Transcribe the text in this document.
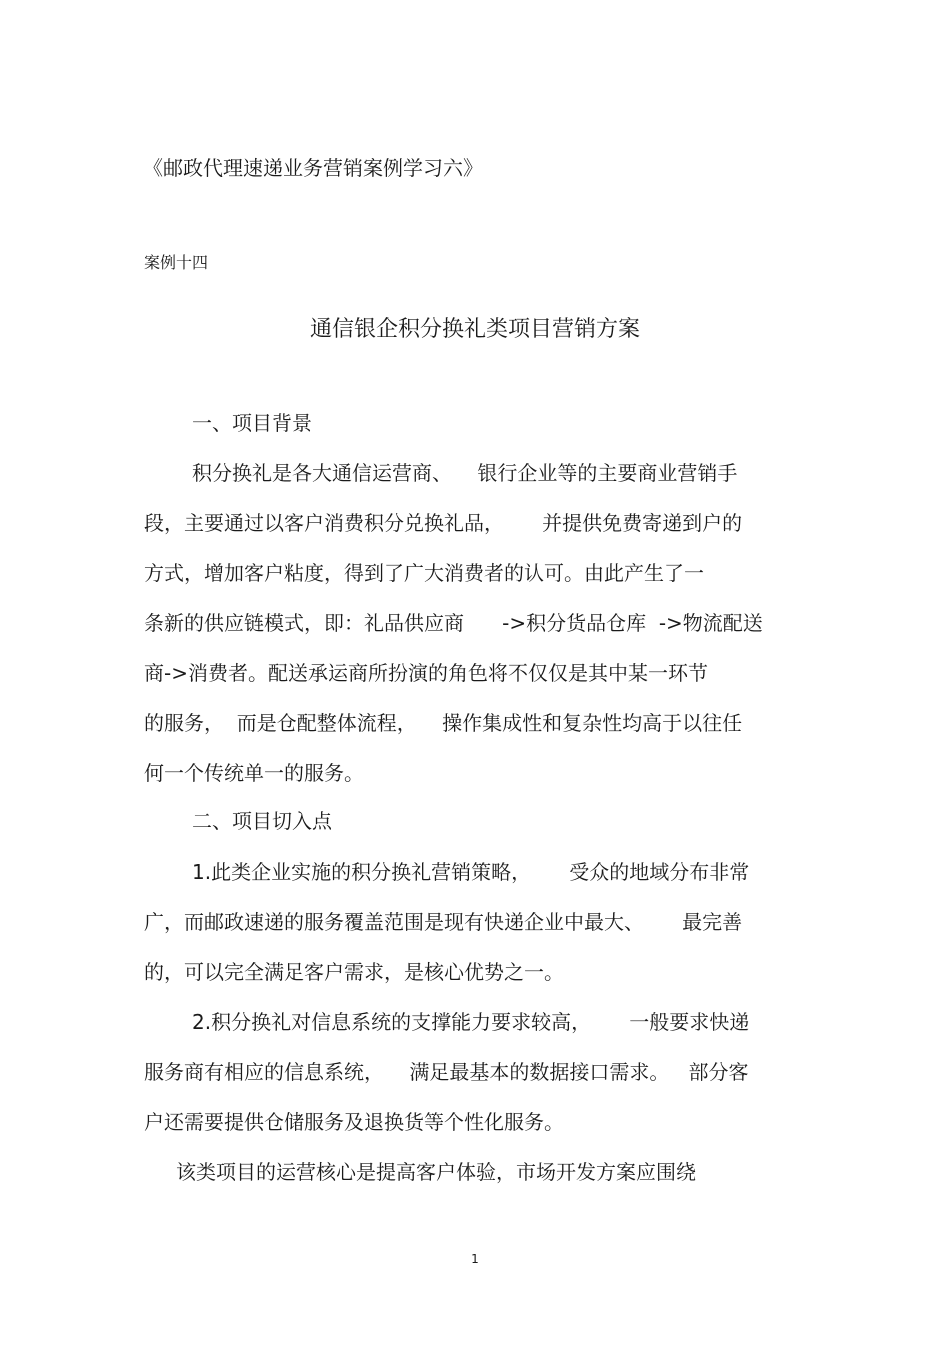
《邮政代理速递业务营销案例学习六》
案例十四
通信银企积分换礼类项目营销方案
一、项目背景
积分换礼是各大通信运营商、    银行企业等的主要商业营销手
段，主要通过以客户消费积分兑换礼品，      并提供免费寄递到户的
方式，增加客户粘度，得到了广大消费者的认可。由此产生了一
条新的供应链模式，即：礼品供应商      ->积分货品仓库  ->物流配送
商->消费者。配送承运商所扮演的角色将不仅仅是其中某一环节
的服务，  而是仓配整体流程，    操作集成性和复杂性均高于以往任
何一个传统单一的服务。
二、项目切入点
1.此类企业实施的积分换礼营销策略，      受众的地域分布非常
广，而邮政速递的服务覆盖范围是现有快递企业中最大、      最完善
的，可以完全满足客户需求，是核心优势之一。
2.积分换礼对信息系统的支撑能力要求较高，      一般要求快递
服务商有相应的信息系统，    满足最基本的数据接口需求。   部分客
户还需要提供仓储服务及退换货等个性化服务。
该类项目的运营核心是提高客户体验，市场开发方案应围绕
1
